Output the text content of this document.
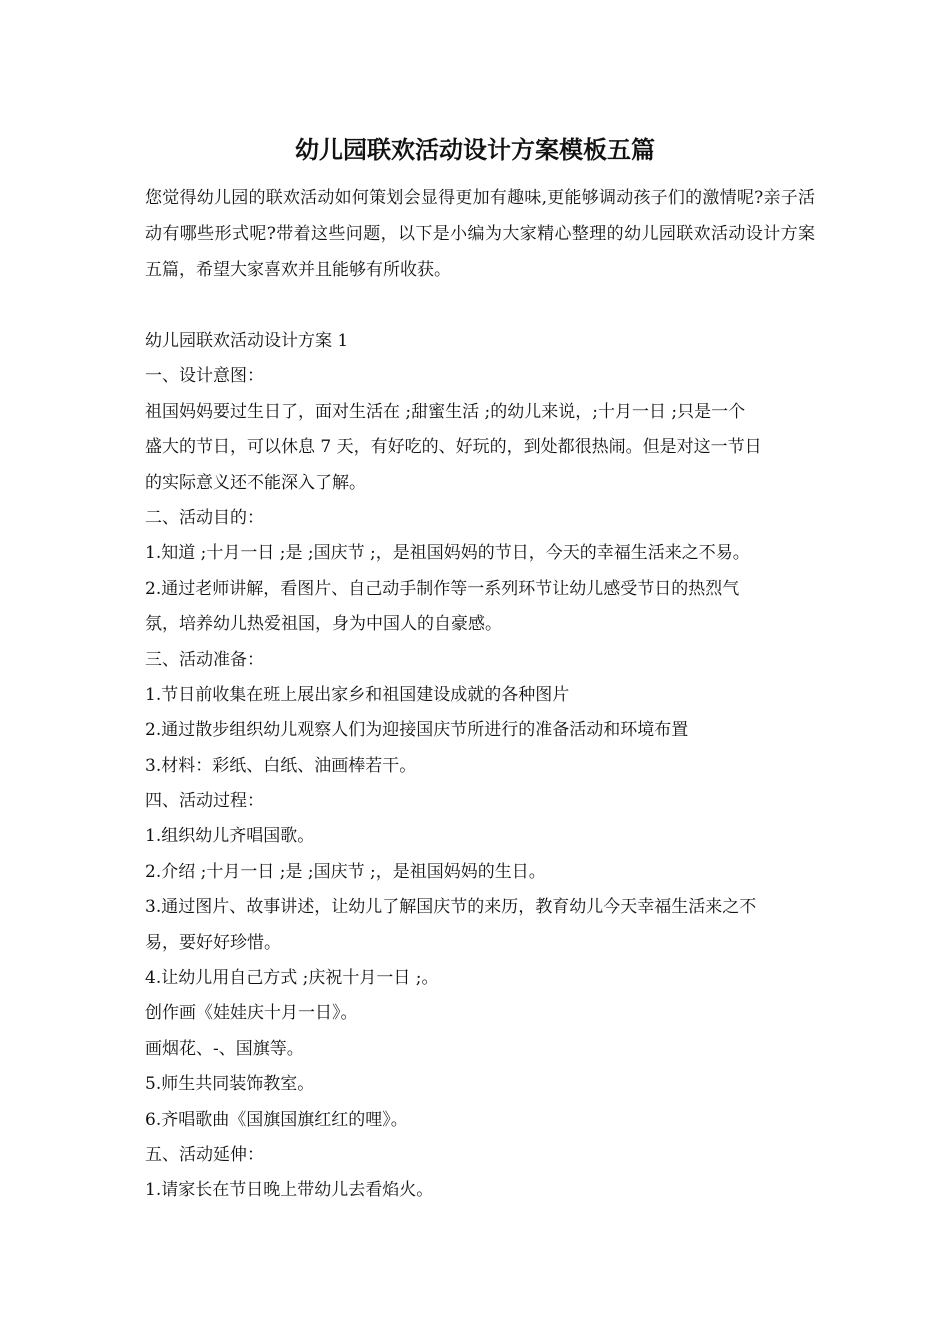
幼儿园联欢活动设计方案模板五篇

您觉得幼儿园的联欢活动如何策划会显得更加有趣味,更能够调动孩子们的激情呢?亲子活动有哪些形式呢?带着这些问题，以下是小编为大家精心整理的幼儿园联欢活动设计方案五篇，希望大家喜欢并且能够有所收获。

幼儿园联欢活动设计方案 1
一、设计意图：
祖国妈妈要过生日了，面对生活在 ;甜蜜生活 ;的幼儿来说，;十月一日 ;只是一个
盛大的节日，可以休息 7 天，有好吃的、好玩的，到处都很热闹。但是对这一节日
的实际意义还不能深入了解。
二、活动目的：
1.知道 ;十月一日 ;是 ;国庆节 ;，是祖国妈妈的节日，今天的幸福生活来之不易。
2.通过老师讲解，看图片、自己动手制作等一系列环节让幼儿感受节日的热烈气
氛，培养幼儿热爱祖国，身为中国人的自豪感。
三、活动准备：
1.节日前收集在班上展出家乡和祖国建设成就的各种图片
2.通过散步组织幼儿观察人们为迎接国庆节所进行的准备活动和环境布置
3.材料：彩纸、白纸、油画棒若干。
四、活动过程：
1.组织幼儿齐唱国歌。
2.介绍 ;十月一日 ;是 ;国庆节 ;，是祖国妈妈的生日。
3.通过图片、故事讲述，让幼儿了解国庆节的来历，教育幼儿今天幸福生活来之不
易，要好好珍惜。
4.让幼儿用自己方式 ;庆祝十月一日 ;。
创作画《娃娃庆十月一日》。
画烟花、-、国旗等。
5.师生共同装饰教室。
6.齐唱歌曲《国旗国旗红红的哩》。
五、活动延伸：
1.请家长在节日晚上带幼儿去看焰火。
